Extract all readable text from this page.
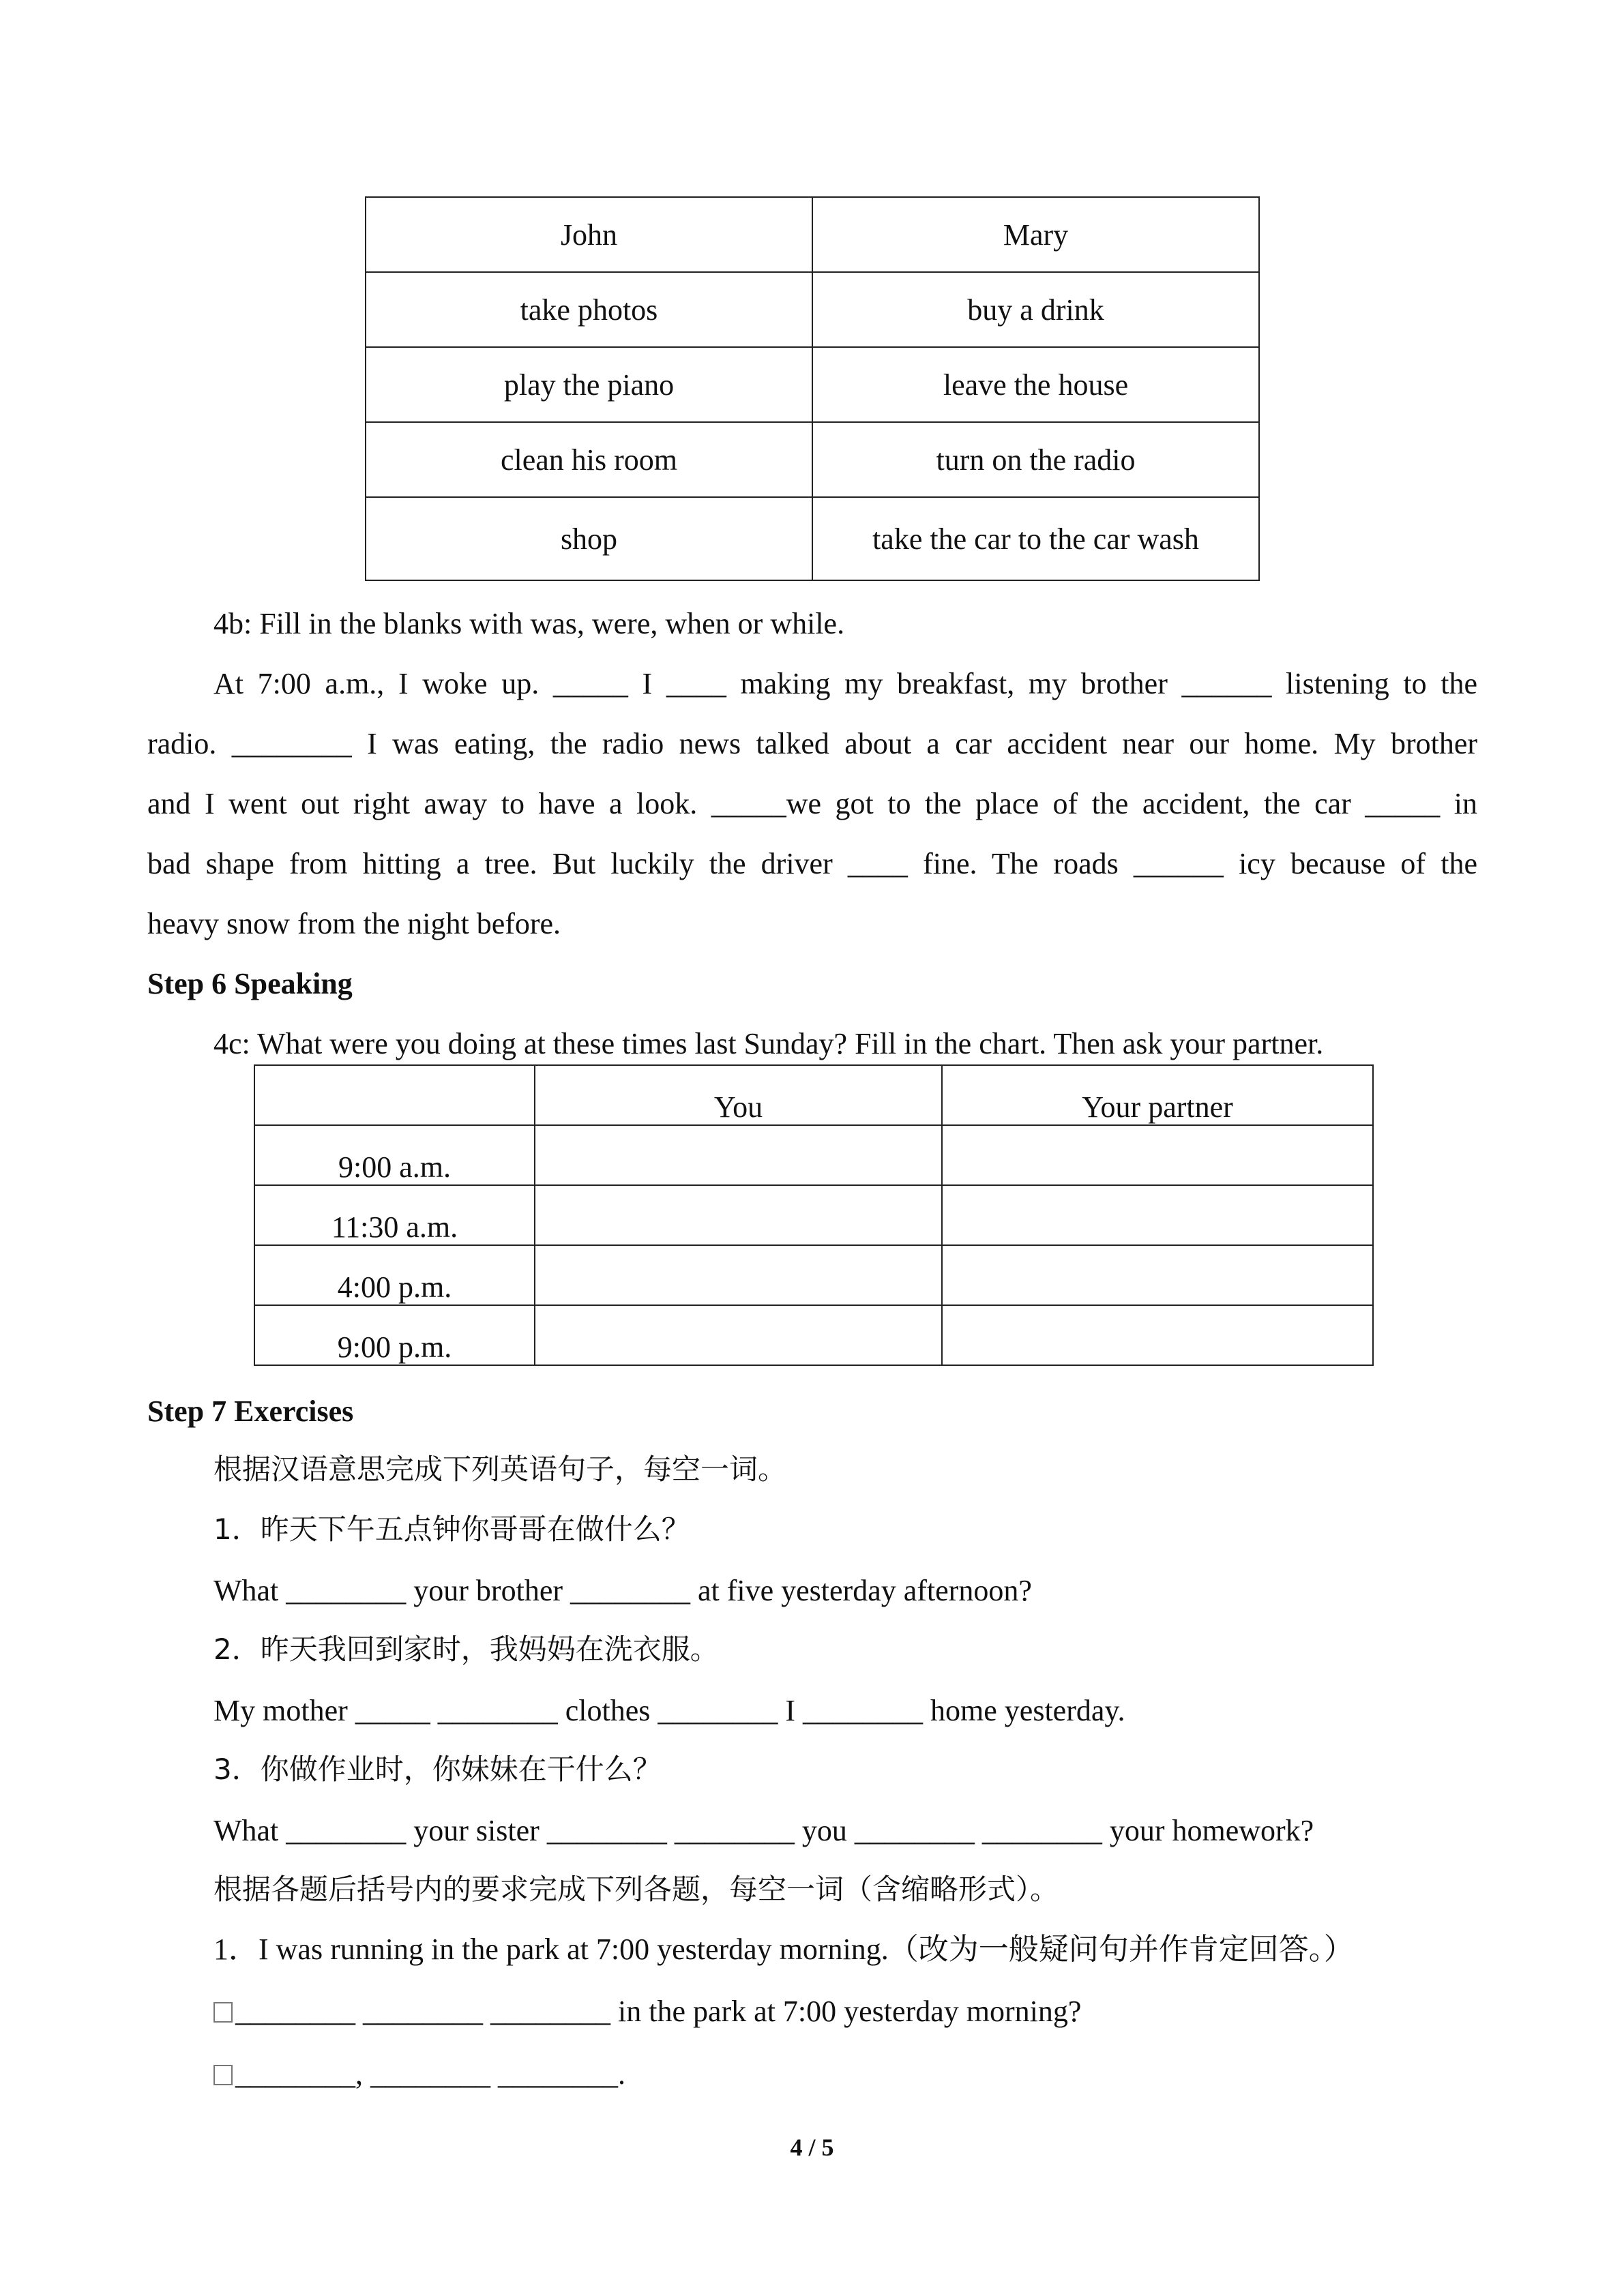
John	Mary
take photos	buy a drink
play the piano	leave the house
clean his room	turn on the radio
shop	take the car to the car wash
4b: Fill in the blanks with was, were, when or while.
At 7:00 a.m., I woke up. _____ I ____ making my breakfast, my brother ______ listening to the
radio. ________ I was eating, the radio news talked about a car accident near our home. My brother
and I went out right away to have a look. _____we got to the place of the accident, the car _____ in
bad shape from hitting a tree. But luckily the driver ____ fine. The roads ______ icy because of the
heavy snow from the night before.
Step 6 Speaking
4c: What were you doing at these times last Sunday? Fill in the chart. Then ask your partner.
	You	Your partner
9:00 a.m.		
11:30 a.m.		
4:00 p.m.		
9:00 p.m.		
Step 7 Exercises
根据汉语意思完成下列英语句子，每空一词。
1．昨天下午五点钟你哥哥在做什么？
What ________ your brother ________ at five yesterday afternoon?
2．昨天我回到家时，我妈妈在洗衣服。
My mother _____ ________ clothes ________ I ________ home yesterday.
3．你做作业时，你妹妹在干什么？
What ________ your sister ________ ________ you ________ ________ your homework?
根据各题后括号内的要求完成下列各题，每空一词（含缩略形式）。
1．I was running in the park at 7:00 yesterday morning.（改为一般疑问句并作肯定回答。）
________ ________ ________ in the park at 7:00 yesterday morning?
________, ________ ________.
4 / 5
